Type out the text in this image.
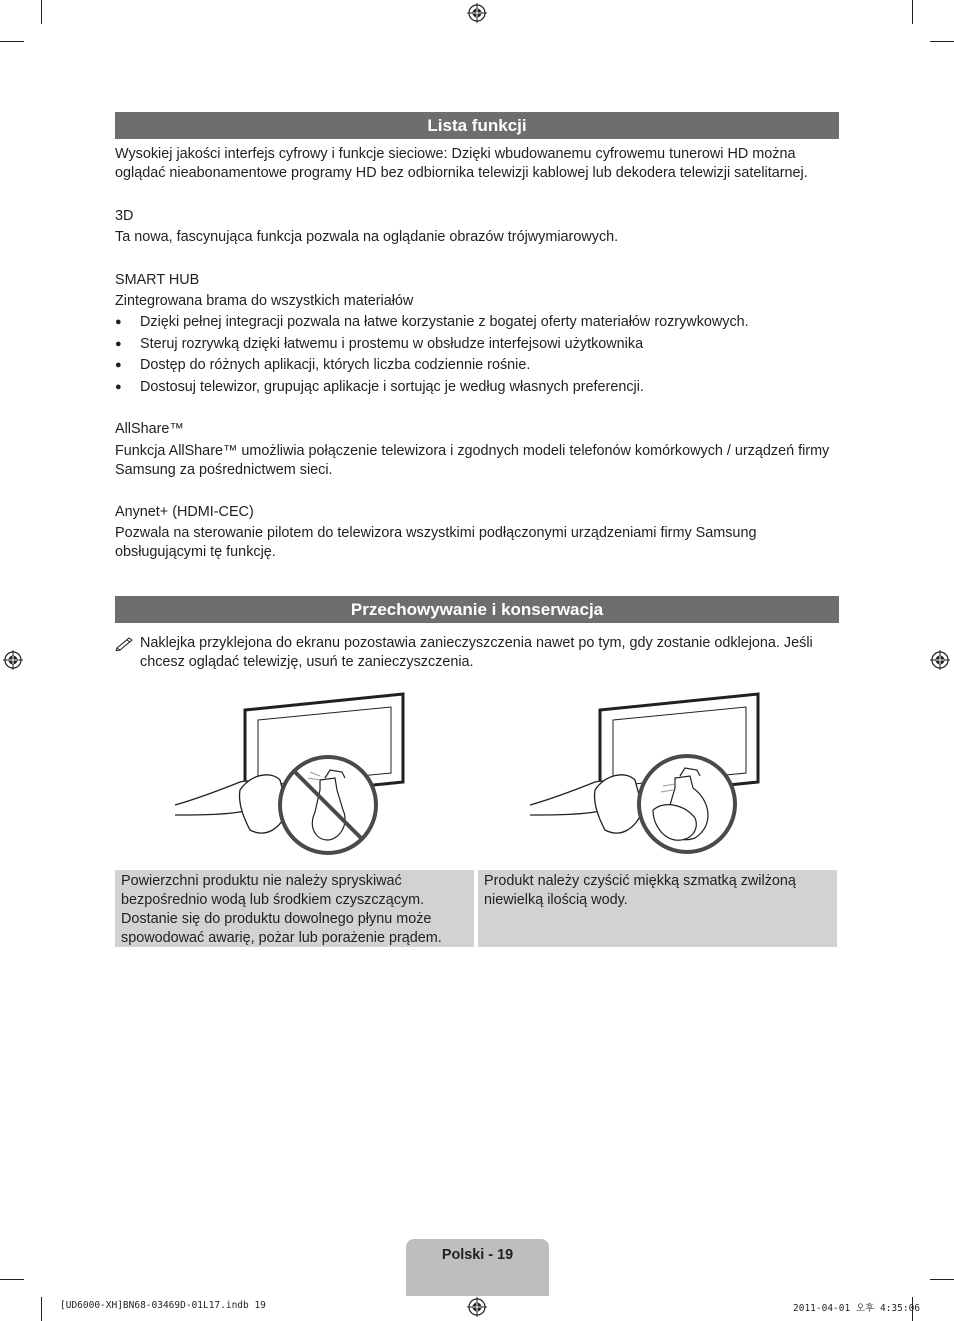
Lista funkcji
Wysokiej jakości interfejs cyfrowy i funkcje sieciowe: Dzięki wbudowanemu cyfrowemu tunerowi HD można
oglądać nieabonamentowe programy HD bez odbiornika telewizji kablowej lub dekodera telewizji satelitarnej.
3D
Ta nowa, fascynująca funkcja pozwala na oglądanie obrazów trójwymiarowych.
SMART HUB
Zintegrowana brama do wszystkich materiałów
● Dzięki pełnej integracji pozwala na łatwe korzystanie z bogatej oferty materiałów rozrywkowych.
● Steruj rozrywką dzięki łatwemu i prostemu w obsłudze interfejsowi użytkownika
● Dostęp do różnych aplikacji, których liczba codziennie rośnie.
● Dostosuj telewizor, grupując aplikacje i sortując je według własnych preferencji.
AllShare™
Funkcja AllShare™ umożliwia połączenie telewizora i zgodnych modeli telefonów komórkowych / urządzeń firmy
Samsung za pośrednictwem sieci.
Anynet+ (HDMI-CEC)
Pozwala na sterowanie pilotem do telewizora wszystkimi podłączonymi urządzeniami firmy Samsung
obsługującymi tę funkcję.
Przechowywanie i konserwacja
Naklejka przyklejona do ekranu pozostawia zanieczyszczenia nawet po tym, gdy zostanie odklejona. Jeśli
chcesz oglądać telewizję, usuń te zanieczyszczenia.
Powierzchni produktu nie należy spryskiwać
bezpośrednio wodą lub środkiem czyszczącym.
Dostanie się do produktu dowolnego płynu może
spowodować awarię, pożar lub porażenie prądem.
Produkt należy czyścić miękką szmatką zwilżoną
niewielką ilością wody.
Polski - 19
[UD6000-XH]BN68-03469D-01L17.indb 19	2011-04-01 오후 4:35:06
